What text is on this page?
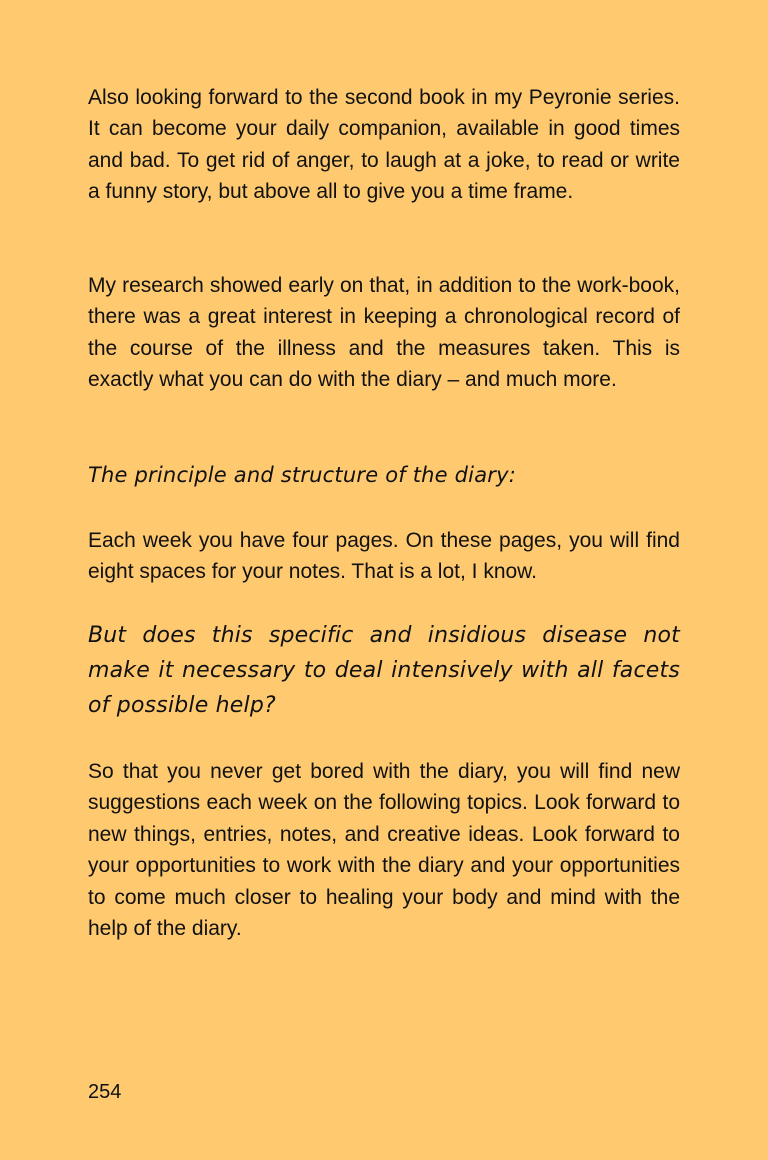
Also looking forward to the second book in my Peyronie series. It can become your daily companion, available in good times and bad. To get rid of anger, to laugh at a joke, to read or write a funny story, but above all to give you a time frame.

My research showed early on that, in addition to the work-book, there was a great interest in keeping a chronological record of the course of the illness and the measures taken. This is exactly what you can do with the diary – and much more.

The principle and structure of the diary:

Each week you have four pages. On these pages, you will find eight spaces for your notes. That is a lot, I know.

But does this specific and insidious disease not make it necessary to deal intensively with all facets of possible help?

So that you never get bored with the diary, you will find new suggestions each week on the following topics. Look forward to new things, entries, notes, and creative ideas. Look forward to your opportunities to work with the diary and your opportunities to come much closer to healing your body and mind with the help of the diary.

254
